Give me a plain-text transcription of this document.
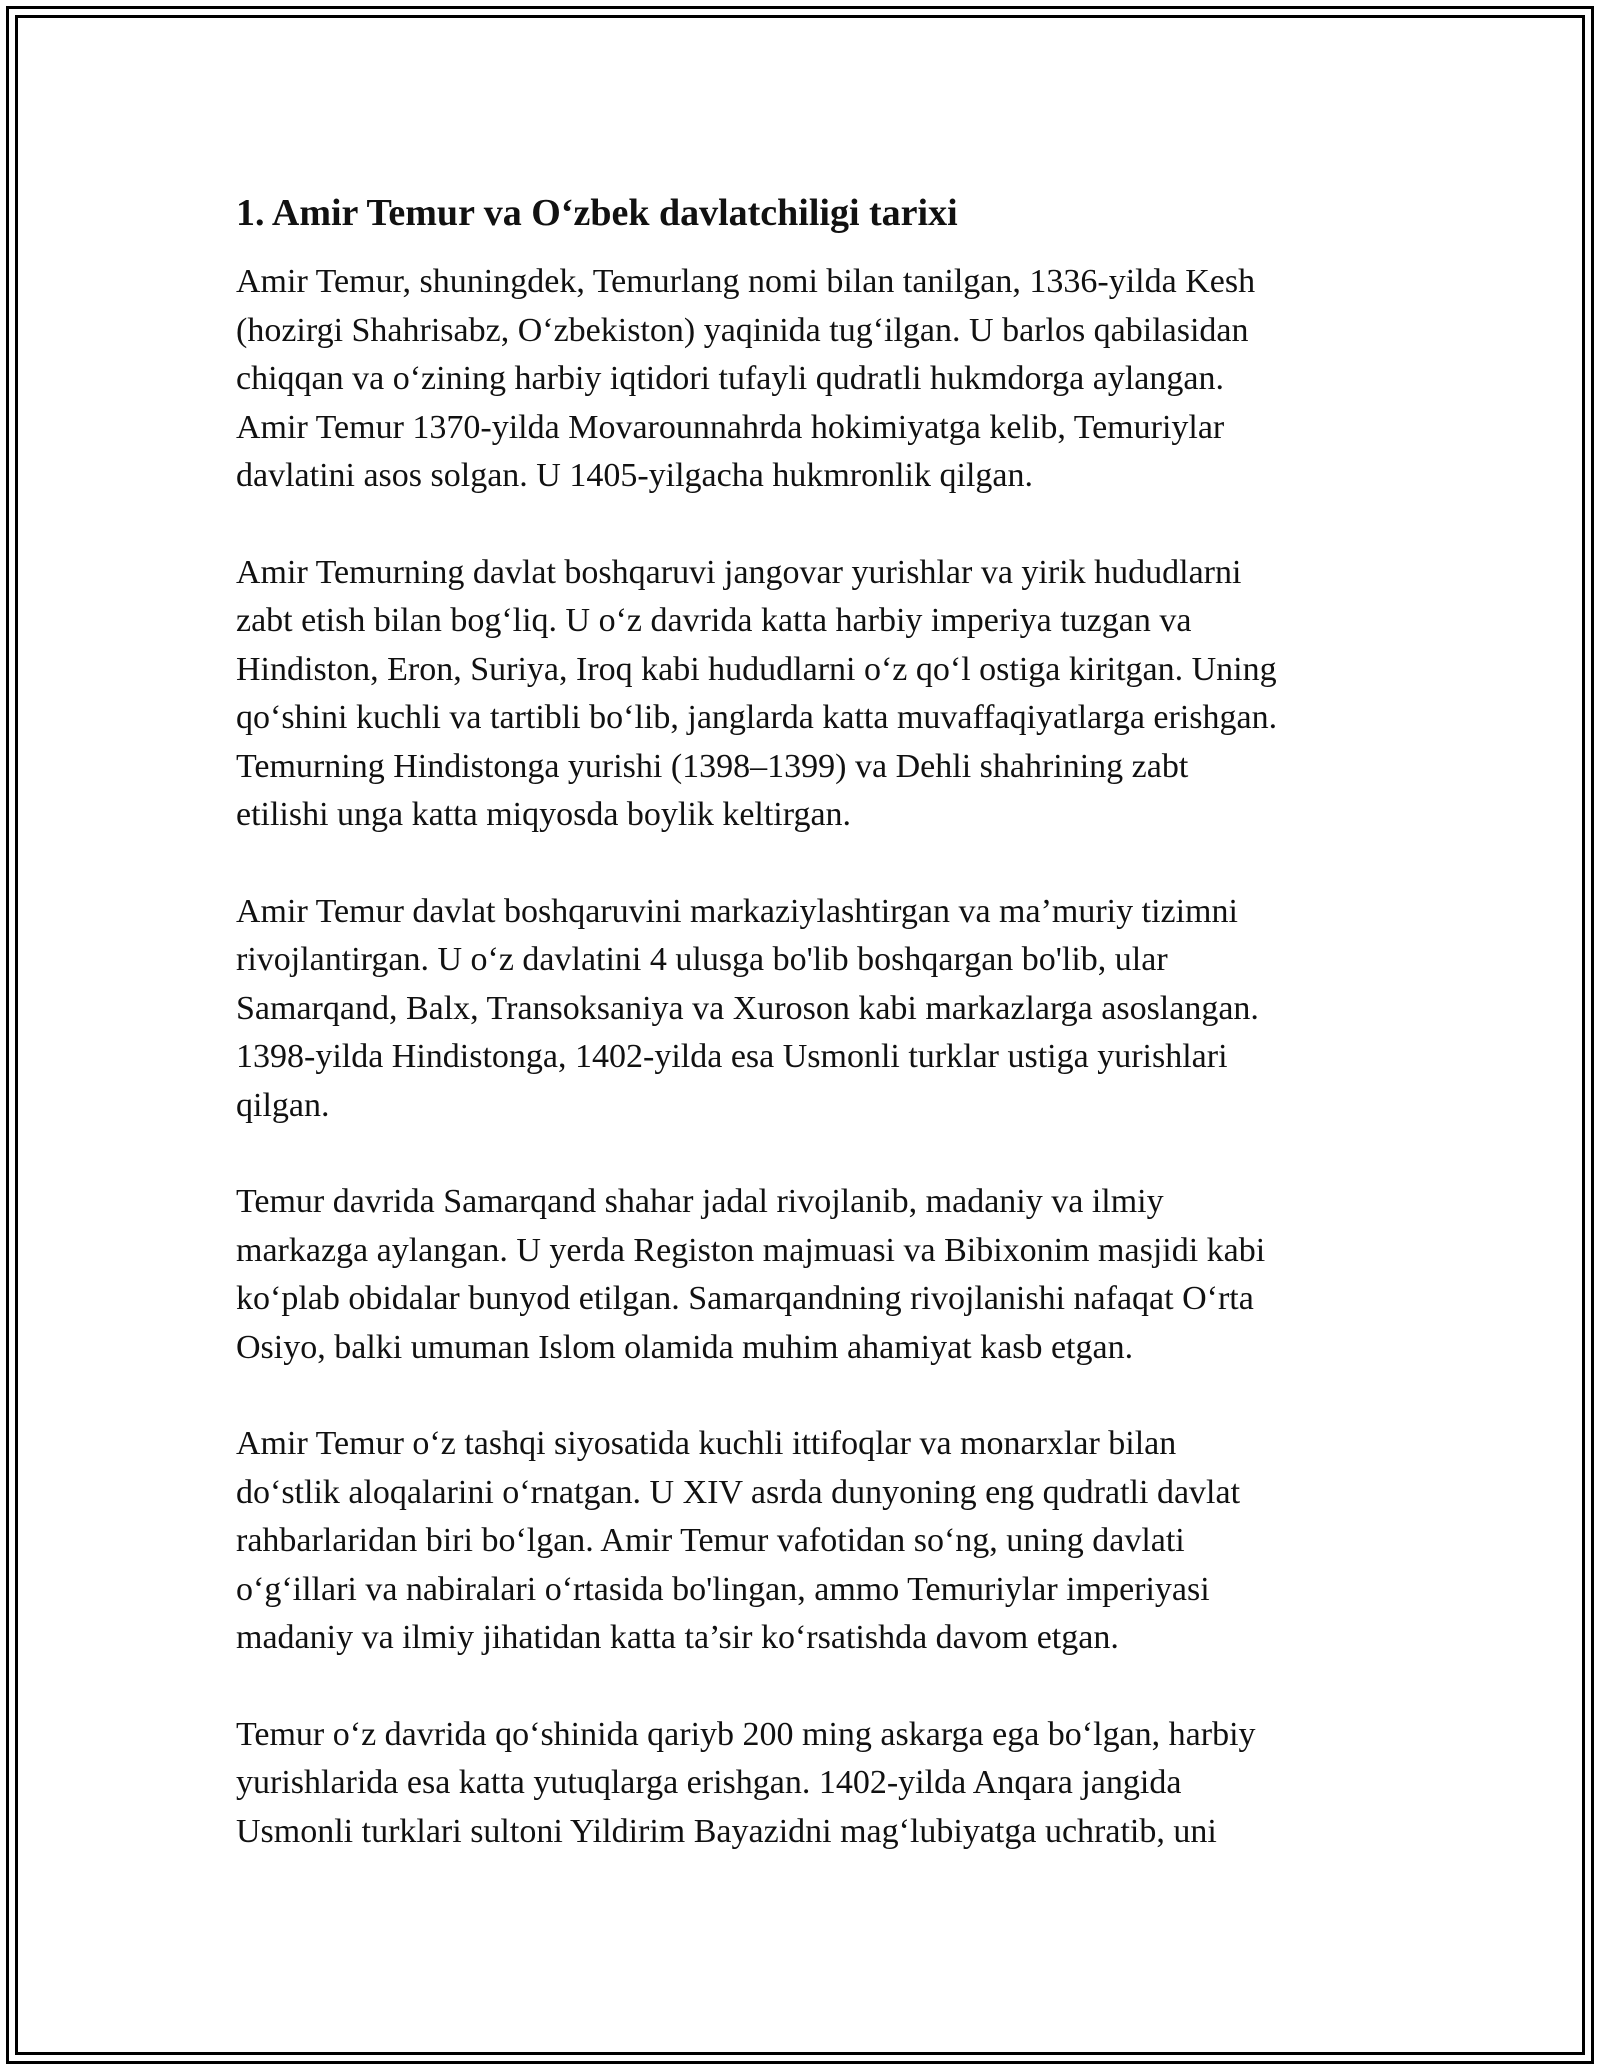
1. Amir Temur va O‘zbek davlatchiligi tarixi

Amir Temur, shuningdek, Temurlang nomi bilan tanilgan, 1336-yilda Kesh
(hozirgi Shahrisabz, O‘zbekiston) yaqinida tug‘ilgan. U barlos qabilasidan
chiqqan va o‘zining harbiy iqtidori tufayli qudratli hukmdorga aylangan.
Amir Temur 1370-yilda Movarounnahrda hokimiyatga kelib, Temuriylar
davlatini asos solgan. U 1405-yilgacha hukmronlik qilgan.

Amir Temurning davlat boshqaruvi jangovar yurishlar va yirik hududlarni
zabt etish bilan bog‘liq. U o‘z davrida katta harbiy imperiya tuzgan va
Hindiston, Eron, Suriya, Iroq kabi hududlarni o‘z qo‘l ostiga kiritgan. Uning
qo‘shini kuchli va tartibli bo‘lib, janglarda katta muvaffaqiyatlarga erishgan.
Temurning Hindistonga yurishi (1398–1399) va Dehli shahrining zabt
etilishi unga katta miqyosda boylik keltirgan.

Amir Temur davlat boshqaruvini markaziylashtirgan va ma’muriy tizimni
rivojlantirgan. U o‘z davlatini 4 ulusga bo'lib boshqargan bo'lib, ular
Samarqand, Balx, Transoksaniya va Xuroson kabi markazlarga asoslangan.
1398-yilda Hindistonga, 1402-yilda esa Usmonli turklar ustiga yurishlari
qilgan.

Temur davrida Samarqand shahar jadal rivojlanib, madaniy va ilmiy
markazga aylangan. U yerda Registon majmuasi va Bibixonim masjidi kabi
ko‘plab obidalar bunyod etilgan. Samarqandning rivojlanishi nafaqat O‘rta
Osiyo, balki umuman Islom olamida muhim ahamiyat kasb etgan.

Amir Temur o‘z tashqi siyosatida kuchli ittifoqlar va monarxlar bilan
do‘stlik aloqalarini o‘rnatgan. U XIV asrda dunyoning eng qudratli davlat
rahbarlaridan biri bo‘lgan. Amir Temur vafotidan so‘ng, uning davlati
o‘g‘illari va nabiralari o‘rtasida bo'lingan, ammo Temuriylar imperiyasi
madaniy va ilmiy jihatidan katta ta’sir ko‘rsatishda davom etgan.

Temur o‘z davrida qo‘shinida qariyb 200 ming askarga ega bo‘lgan, harbiy
yurishlarida esa katta yutuqlarga erishgan. 1402-yilda Anqara jangida
Usmonli turklari sultoni Yildirim Bayazidni mag‘lubiyatga uchratib, uni
